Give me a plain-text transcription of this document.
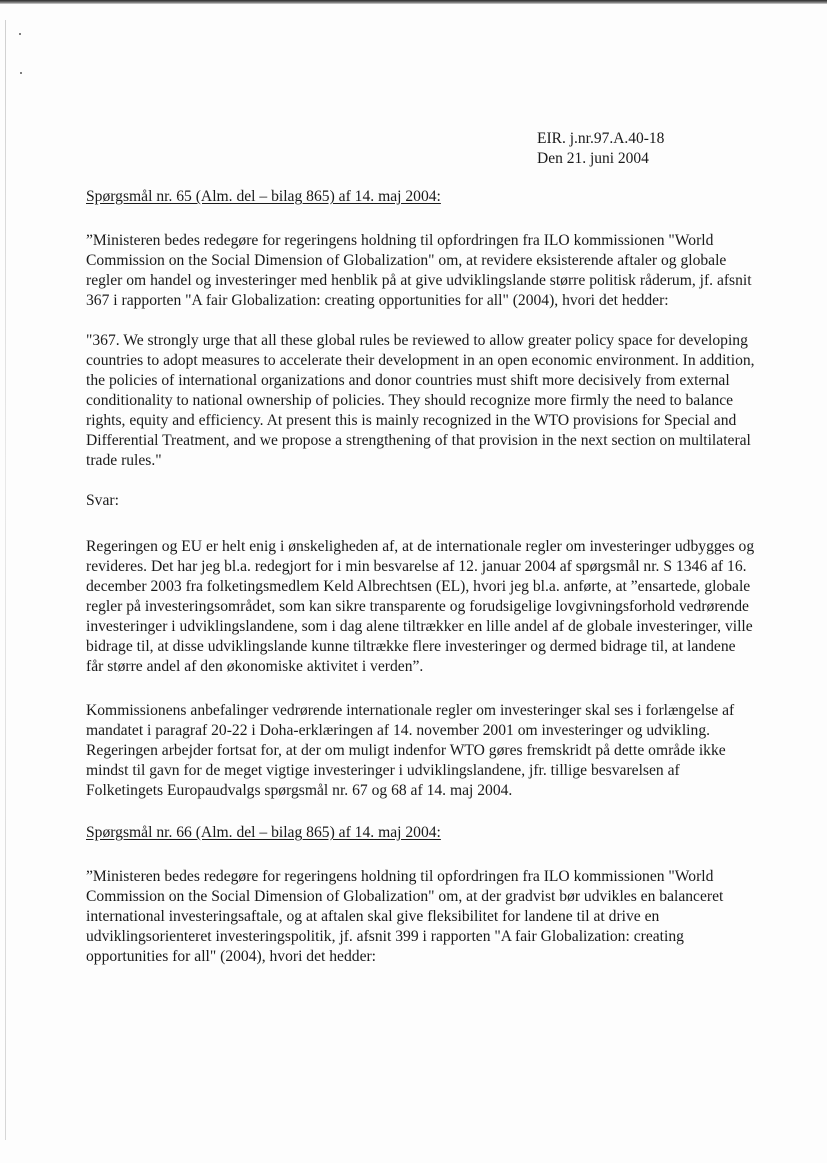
EIR. j.nr.97.A.40-18
Den 21. juni 2004

Spørgsmål nr. 65 (Alm. del – bilag 865) af 14. maj 2004:

”Ministeren bedes redegøre for regeringens holdning til opfordringen fra ILO kommissionen "World Commission on the Social Dimension of Globalization" om, at revidere eksisterende aftaler og globale regler om handel og investeringer med henblik på at give udviklingslande større politisk råderum, jf. afsnit 367 i rapporten "A fair Globalization: creating opportunities for all" (2004), hvori det hedder:

"367. We strongly urge that all these global rules be reviewed to allow greater policy space for developing countries to adopt measures to accelerate their development in an open economic environment. In addition, the policies of international organizations and donor countries must shift more decisively from external conditionality to national ownership of policies. They should recognize more firmly the need to balance rights, equity and efficiency. At present this is mainly recognized in the WTO provisions for Special and Differential Treatment, and we propose a strengthening of that provision in the next section on multilateral trade rules."

Svar:

Regeringen og EU er helt enig i ønskeligheden af, at de internationale regler om investeringer udbygges og revideres. Det har jeg bl.a. redegjort for i min besvarelse af 12. januar 2004 af spørgsmål nr. S 1346 af 16. december 2003 fra folketingsmedlem Keld Albrechtsen (EL), hvori jeg bl.a. anførte, at ”ensartede, globale regler på investeringsområdet, som kan sikre transparente og forudsigelige lovgivningsforhold vedrørende investeringer i udviklingslandene, som i dag alene tiltrækker en lille andel af de globale investeringer, ville bidrage til, at disse udviklingslande kunne tiltrække flere investeringer og dermed bidrage til, at landene får større andel af den økonomiske aktivitet i verden”.

Kommissionens anbefalinger vedrørende internationale regler om investeringer skal ses i forlængelse af mandatet i paragraf 20-22 i Doha-erklæringen af 14. november 2001 om investeringer og udvikling. Regeringen arbejder fortsat for, at der om muligt indenfor WTO gøres fremskridt på dette område ikke mindst til gavn for de meget vigtige investeringer i udviklingslandene, jfr. tillige besvarelsen af Folketingets Europaudvalgs spørgsmål nr. 67 og 68 af 14. maj 2004.

Spørgsmål nr. 66 (Alm. del – bilag 865) af 14. maj 2004:

”Ministeren bedes redegøre for regeringens holdning til opfordringen fra ILO kommissionen "World Commission on the Social Dimension of Globalization" om, at der gradvist bør udvikles en balanceret international investeringsaftale, og at aftalen skal give fleksibilitet for landene til at drive en udviklingsorienteret investeringspolitik, jf. afsnit 399 i rapporten "A fair Globalization: creating opportunities for all" (2004), hvori det hedder:
